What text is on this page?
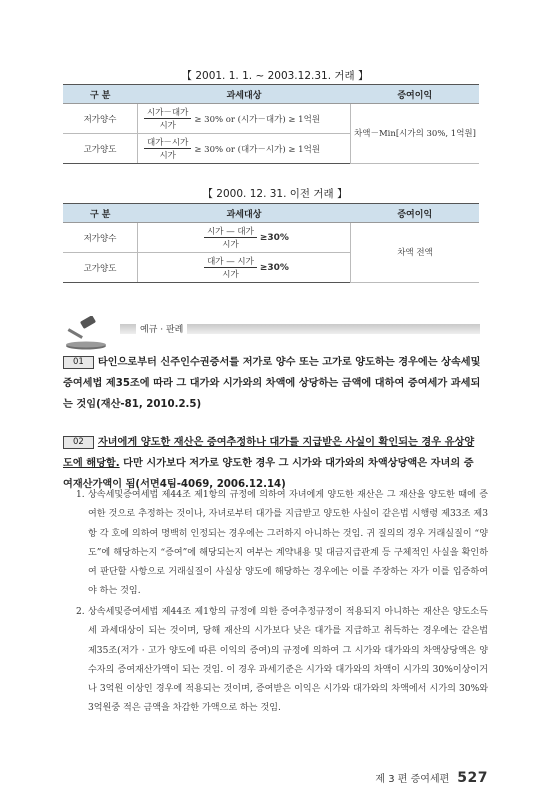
【 2001. 1. 1. ~ 2003.12.31. 거래 】
구 분	과세대상	증여이익
저가양수	$\frac{\text{시가－대가}}{\text{시가}} \ge 30\%$ or (시가－대가) ≥ 1억원	차액－Min[시가의 30%, 1억원]
고가양도	$\frac{\text{대가－시가}}{\text{시가}} \ge 30\%$ or (대가－시가) ≥ 1억원	
【 2000. 12. 31. 이전 거래 】
구 분	과세대상	증여이익
저가양수	$\frac{\text{시가 — 대가}}{\text{시가}} \ge 30\%$	차액 전액
고가양도	$\frac{\text{대가 — 시가}}{\text{시가}} \ge 30\%$	
예규 · 판례
01 타인으로부터 신주인수권증서를 저가로 양수 또는 고가로 양도하는 경우에는 상속세및증여세법 제35조에 따라 그 대가와 시가와의 차액에 상당하는 금액에 대하여 증여세가 과세되는 것임(재산-81, 2010.2.5)
02 자녀에게 양도한 재산은 증여추정하나 대가를 지급받은 사실이 확인되는 경우 유상양도에 해당함. 다만 시가보다 저가로 양도한 경우 그 시가와 대가와의 차액상당액은 자녀의 증여재산가액이 됨(서면4팀-4069, 2006.12.14)
1. 상속세및증여세법 제44조 제1항의 규정에 의하여 자녀에게 양도한 재산은 그 재산을 양도한 때에 증여한 것으로 추정하는 것이나, 자녀로부터 대가를 지급받고 양도한 사실이 같은법 시행령 제33조 제3항 각 호에 의하여 명백히 인정되는 경우에는 그러하지 아니하는 것임. 귀 질의의 경우 거래실질이 “양도”에 해당하는지 “증여”에 해당되는지 여부는 계약내용 및 대금지급관계 등 구체적인 사실을 확인하여 판단할 사항으로 거래실질이 사실상 양도에 해당하는 경우에는 이를 주장하는 자가 이를 입증하여야 하는 것임.
2. 상속세및증여세법 제44조 제1항의 규정에 의한 증여추정규정이 적용되지 아니하는 재산은 양도소득세 과세대상이 되는 것이며, 당해 재산의 시가보다 낮은 대가를 지급하고 취득하는 경우에는 같은법 제35조(저가 · 고가 양도에 따른 이익의 증여)의 규정에 의하여 그 시가와 대가와의 차액상당액은 양수자의 증여재산가액이 되는 것임. 이 경우 과세기준은 시가와 대가와의 차액이 시가의 30%이상이거나 3억원 이상인 경우에 적용되는 것이며, 증여받은 이익은 시가와 대가와의 차액에서 시가의 30%와 3억원중 적은 금액을 차감한 가액으로 하는 것임.
제 3 편 증여세편 527
